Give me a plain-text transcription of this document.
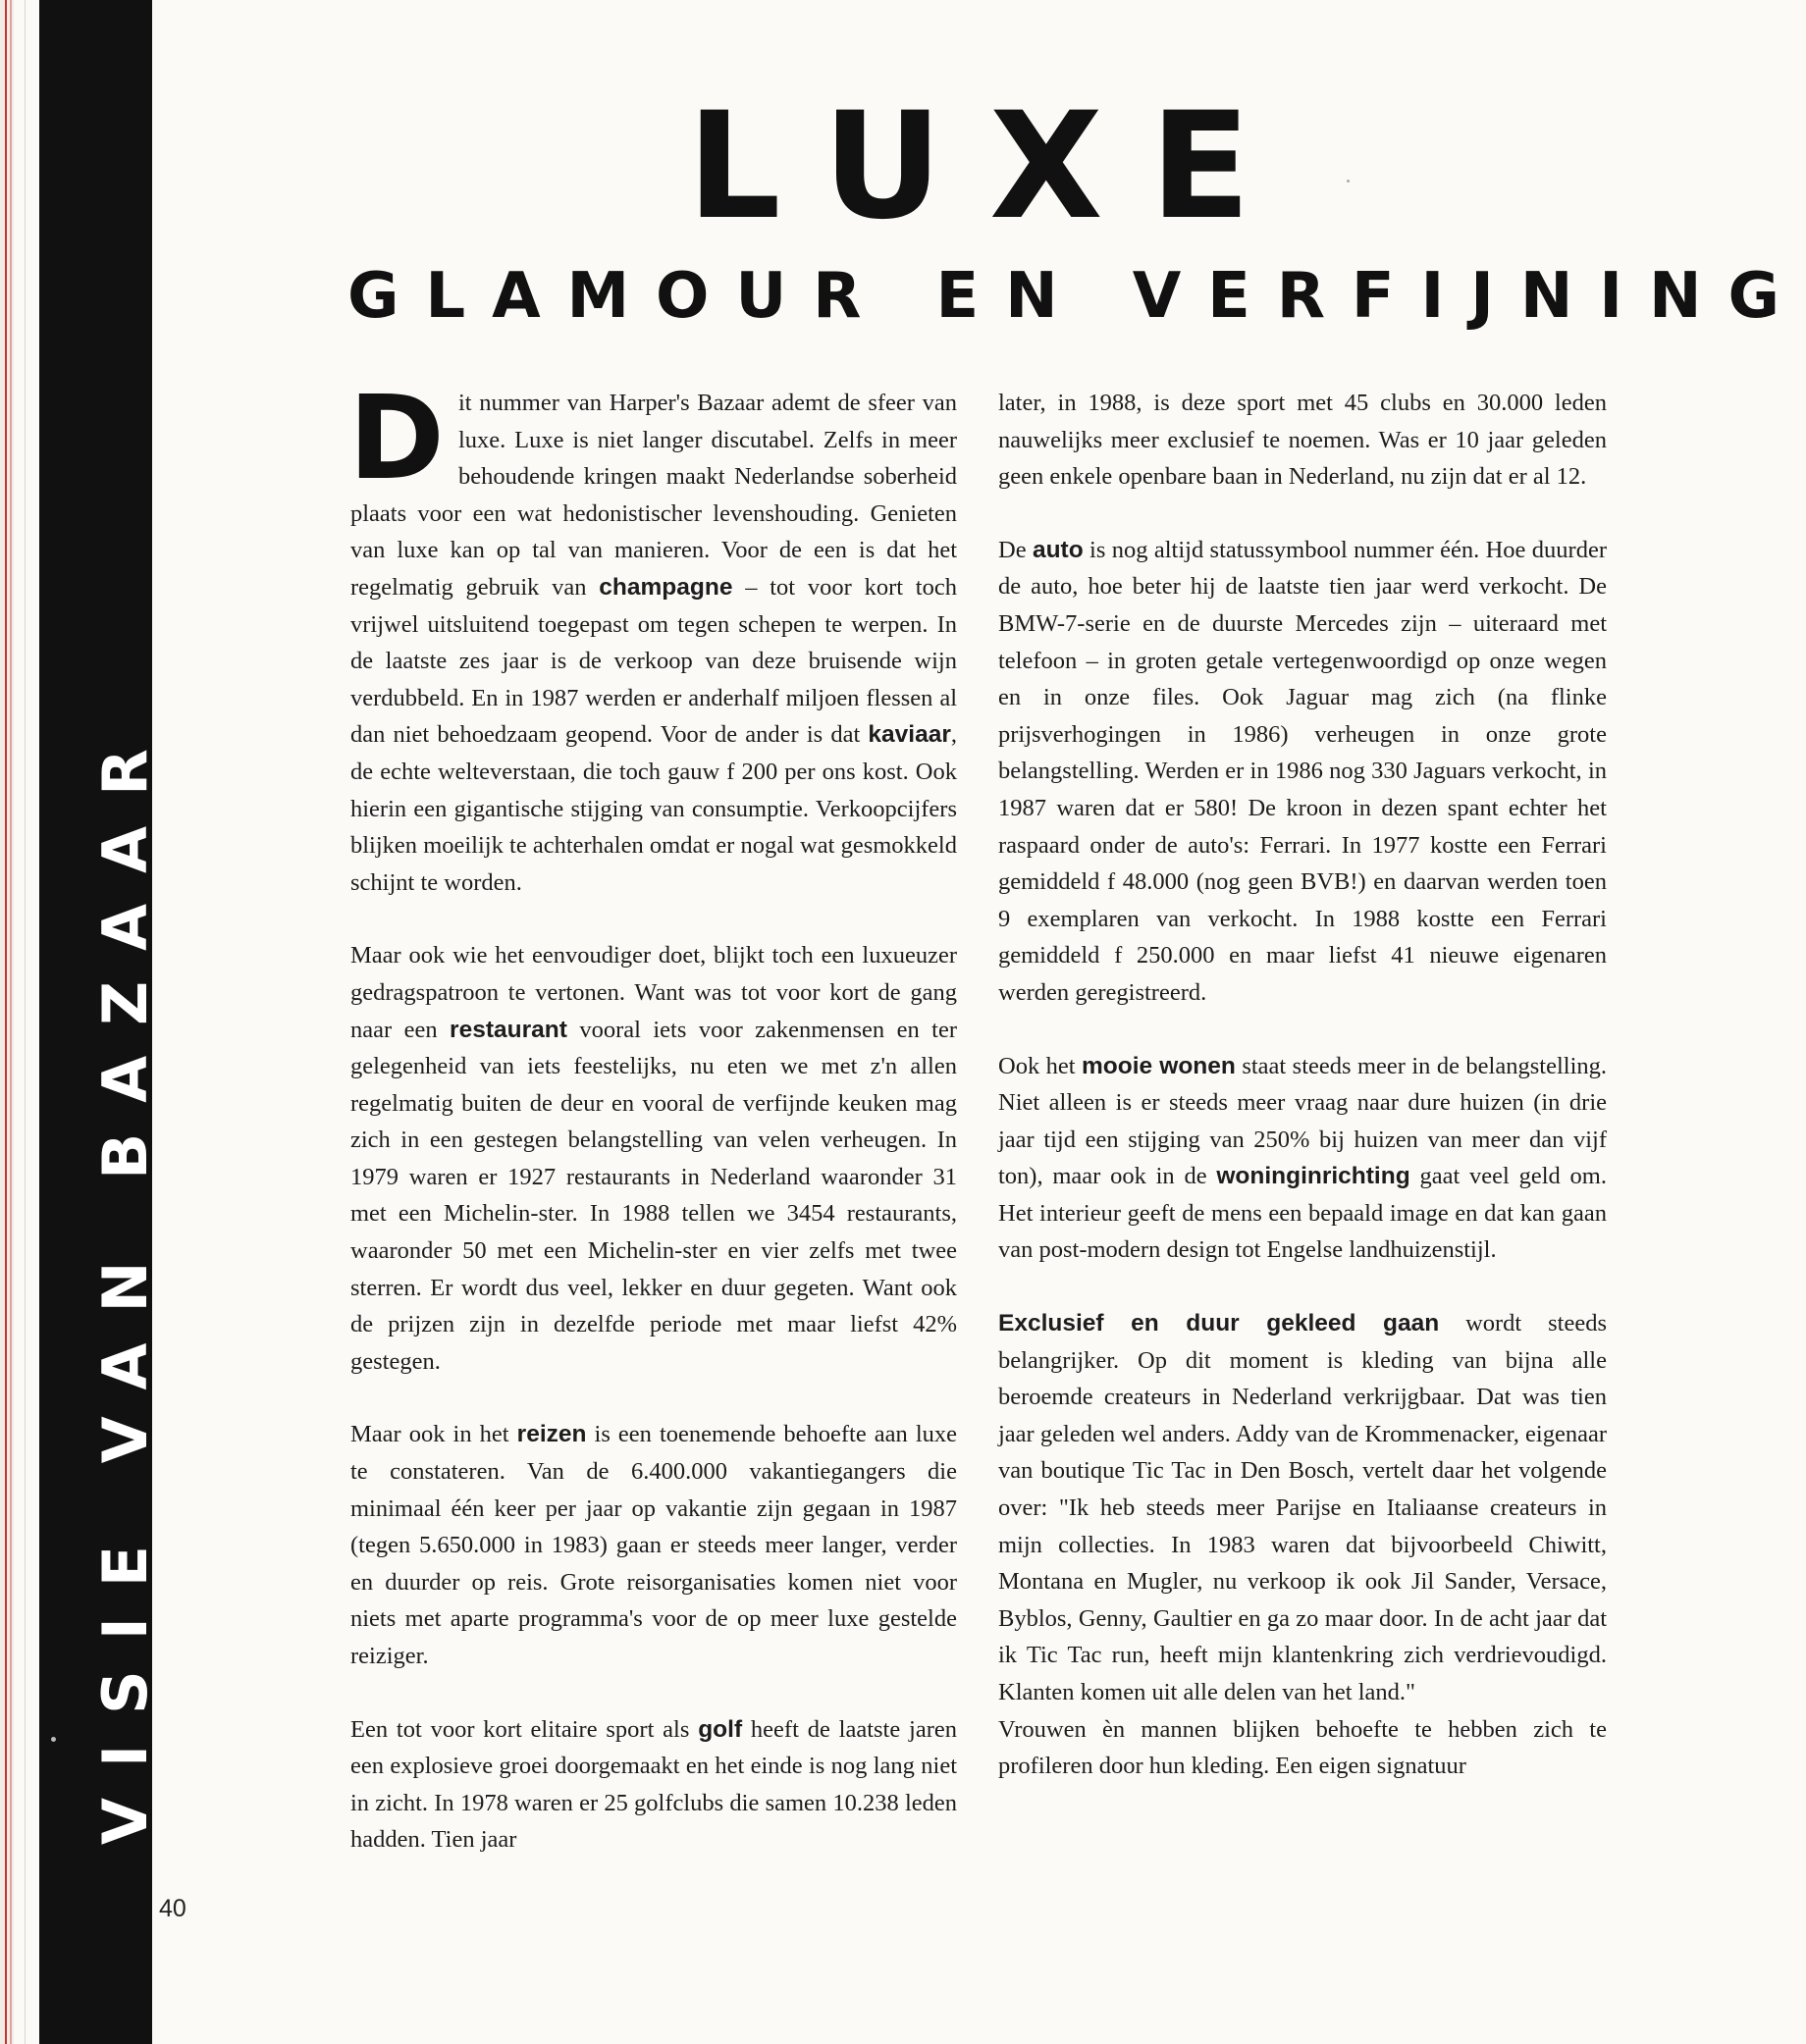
VISIE VAN BAZAAR
40
LUXE
GLAMOUR EN VERFIJNING

Dit nummer van Harper's Bazaar ademt de sfeer van luxe. Luxe is niet langer discutabel. Zelfs in meer behoudende kringen maakt Nederlandse soberheid plaats voor een wat hedonistischer levenshouding. Genieten van luxe kan op tal van manieren. Voor de een is dat het regelmatig gebruik van champagne – tot voor kort toch vrijwel uitsluitend toegepast om tegen schepen te werpen. In de laatste zes jaar is de verkoop van deze bruisende wijn verdubbeld. En in 1987 werden er anderhalf miljoen flessen al dan niet behoedzaam geopend. Voor de ander is dat kaviaar, de echte welteverstaan, die toch gauw f 200 per ons kost. Ook hierin een gigantische stijging van consumptie. Verkoopcijfers blijken moeilijk te achterhalen omdat er nogal wat gesmokkeld schijnt te worden.

Maar ook wie het eenvoudiger doet, blijkt toch een luxueuzer gedragspatroon te vertonen. Want was tot voor kort de gang naar een restaurant vooral iets voor zakenmensen en ter gelegenheid van iets feestelijks, nu eten we met z'n allen regelmatig buiten de deur en vooral de verfijnde keuken mag zich in een gestegen belangstelling van velen verheugen. In 1979 waren er 1927 restaurants in Nederland waaronder 31 met een Michelin-ster. In 1988 tellen we 3454 restaurants, waaronder 50 met een Michelin-ster en vier zelfs met twee sterren. Er wordt dus veel, lekker en duur gegeten. Want ook de prijzen zijn in dezelfde periode met maar liefst 42% gestegen.

Maar ook in het reizen is een toenemende behoefte aan luxe te constateren. Van de 6.400.000 vakantiegangers die minimaal één keer per jaar op vakantie zijn gegaan in 1987 (tegen 5.650.000 in 1983) gaan er steeds meer langer, verder en duurder op reis. Grote reisorganisaties komen niet voor niets met aparte programma's voor de op meer luxe gestelde reiziger.

Een tot voor kort elitaire sport als golf heeft de laatste jaren een explosieve groei doorgemaakt en het einde is nog lang niet in zicht. In 1978 waren er 25 golfclubs die samen 10.238 leden hadden. Tien jaar

later, in 1988, is deze sport met 45 clubs en 30.000 leden nauwelijks meer exclusief te noemen. Was er 10 jaar geleden geen enkele openbare baan in Nederland, nu zijn dat er al 12.

De auto is nog altijd statussymbool nummer één. Hoe duurder de auto, hoe beter hij de laatste tien jaar werd verkocht. De BMW-7-serie en de duurste Mercedes zijn – uiteraard met telefoon – in groten getale vertegenwoordigd op onze wegen en in onze files. Ook Jaguar mag zich (na flinke prijsverhogingen in 1986) verheugen in onze grote belangstelling. Werden er in 1986 nog 330 Jaguars verkocht, in 1987 waren dat er 580! De kroon in dezen spant echter het raspaard onder de auto's: Ferrari. In 1977 kostte een Ferrari gemiddeld f 48.000 (nog geen BVB!) en daarvan werden toen 9 exemplaren van verkocht. In 1988 kostte een Ferrari gemiddeld f 250.000 en maar liefst 41 nieuwe eigenaren werden geregistreerd.

Ook het mooie wonen staat steeds meer in de belangstelling. Niet alleen is er steeds meer vraag naar dure huizen (in drie jaar tijd een stijging van 250% bij huizen van meer dan vijf ton), maar ook in de woninginrichting gaat veel geld om. Het interieur geeft de mens een bepaald image en dat kan gaan van post-modern design tot Engelse landhuizenstijl.

Exclusief en duur gekleed gaan wordt steeds belangrijker. Op dit moment is kleding van bijna alle beroemde createurs in Nederland verkrijgbaar. Dat was tien jaar geleden wel anders. Addy van de Krommenacker, eigenaar van boutique Tic Tac in Den Bosch, vertelt daar het volgende over: "Ik heb steeds meer Parijse en Italiaanse createurs in mijn collecties. In 1983 waren dat bijvoorbeeld Chiwitt, Montana en Mugler, nu verkoop ik ook Jil Sander, Versace, Byblos, Genny, Gaultier en ga zo maar door. In de acht jaar dat ik Tic Tac run, heeft mijn klantenkring zich verdrievoudigd. Klanten komen uit alle delen van het land."

Vrouwen èn mannen blijken behoefte te hebben zich te profileren door hun kleding. Een eigen signatuur
